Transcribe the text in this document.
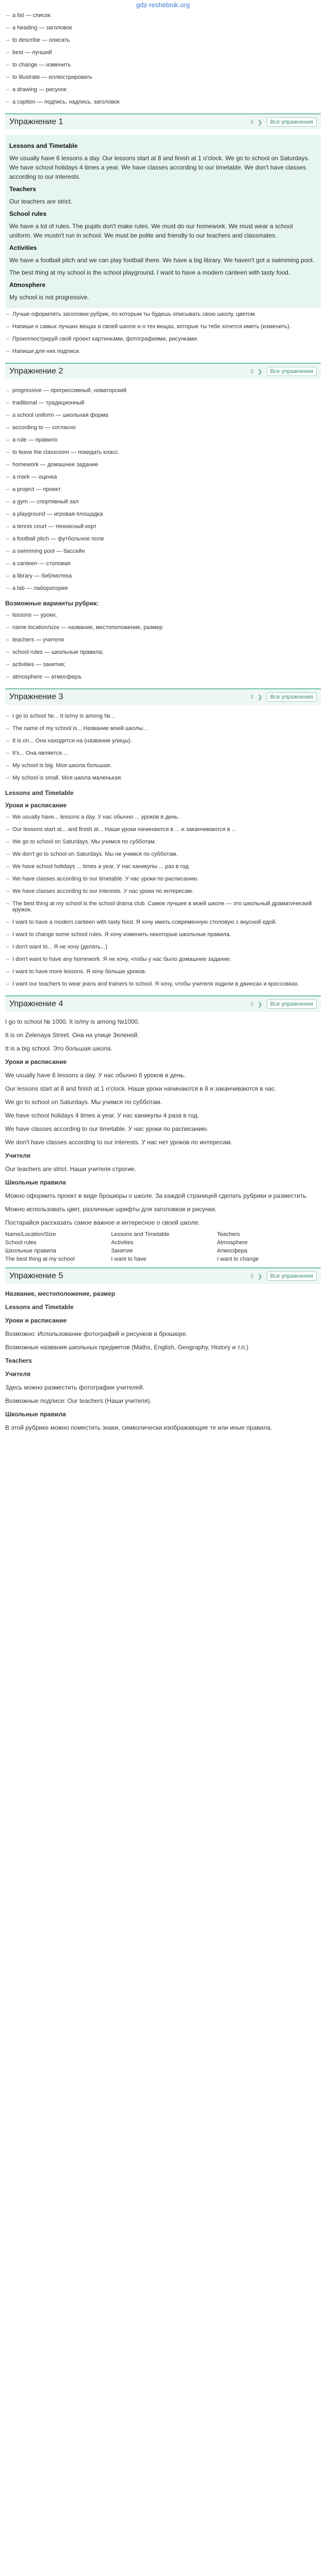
gdz-reshebnik.org
– a list — список
– a heading — заголовок
– to describe — описать
– best — лучший
– to change — изменить
– to illustrate — иллюстрировать
– a drawing — рисунок
– a caption — подпись, надпись, заголовок
Упражнение 1	3 ❯	Все упражнения

Lessons and Timetable

We usually have 6 lessons a day. Our lessons start at 8 and finish at 1 o'clock. We go to school on Saturdays. We have school holidays 4 times a year. We have classes according to our timetable. We don't have classes according to our interests.

Teachers

Our teachers are strict.

School rules

We have a lot of rules. The pupils don't make rules. We must do our homework. We must wear a school uniform. We mustn't run in school. We must be polite and friendly to our teachers and classmates.

Activities

We have a football pitch and we can play football there. We have a big library. We haven't got a swimming pool.

The best thing at my school is the school playground. I want to have a modern canteen with tasty food.

Atmosphere

My school is not progressive.

– Лучше оформлять заголовки рубрик, по которым ты будешь описывать свою школу, цветом.
– Напиши о самых лучших вещах в своей школе и о тех вещах, которые ты тебе хочется иметь (изменить).
– Проиллюстрируй свой проект картинками, фотографиями, рисунками.
– Напиши для них подписи.
Упражнение 2	3 ❯	Все упражнения
– progressive — прогрессивный, новаторский
– traditional — традиционный
– a school uniform — школьная форма
– according to — согласно
– a rule — правило
– to leave the classroom — покидать класс
– homework — домашнее задание
– a mark — оценка
– a project — проект
– a gym — спортивный зал
– a playground — игровая площадка
– a tennis court — теннисный корт
– a football pitch — футбольное поле
– a swimming pool — бассейн
– a canteen — столовая
– a library — библиотека
– a lab — лаборатория
Возможные варианты рубрик:
– lessons — уроки;
– name location/size — название, местоположение, размер
– teachers — учителя
– school rules — школьные правила;
– activities — занятия;
– atmosphere — атмосфера.
Упражнение 3	3 ❯	Все упражнения
– I go to school №... It is/my is among №...
– The name of my school is... Название моей школы...
– It is on... Она находится на (название улицы).
– It's... Она является ...
– My school is big. Моя школа большая.
– My school is small. Моя школа маленькая.
Lessons and Timetable
Уроки и расписание
– We usually have... lessons a day. У нас обычно ... уроков в день.
– Our lessons start at... and finish at... Наши уроки начинаются в ... и заканчиваются в ...
– We go to school on Saturdays. Мы учимся по субботам.
– We don't go to school on Saturdays. Мы не учимся по субботам.
– We have school holidays ... times a year. У нас каникулы ... раз в год.
– We have classes according to our timetable. У нас уроки по расписанию.
– We have classes according to our interests. У нас уроки по интересам.
– The best thing at my school is the school drama club. Самое лучшее в моей школе — это школьный драматический кружок.
– I want to have a modern canteen with tasty food. Я хочу иметь современную столовую с вкусной едой.
– I want to change some school rules. Я хочу изменить некоторые школьные правила.
– I don't want to... Я не хочу (делать...)
– I don't want to have any homework. Я не хочу, чтобы у нас было домашнее задание.
– I want to have more lessons. Я хочу больше уроков.
– I want our teachers to wear jeans and trainers to school. Я хочу, чтобы учителя ходили в джинсах и кроссовках.
Упражнение 4	3 ❯	Все упражнения

I go to school № 1000. It is/my is among №1000.

It is on Zelenaya Street. Она на улице Зеленой.

It is a big school. Это большая школа.

Уроки и расписание

We usually have 6 lessons a day. У нас обычно 6 уроков в день.

Our lessons start at 8 and finish at 1 o'clock. Наши уроки начинаются в 8 и заканчиваются в час.

We go to school on Saturdays. Мы учимся по субботам.

We have school holidays 4 times a year. У нас каникулы 4 раза в год.

We have classes according to our timetable. У нас уроки по расписанию.

We don't have classes according to our interests. У нас нет уроков по интересам.

Учителя

Our teachers are strict. Наши учителя строгие.

Школьные правила

Можно оформить проект в виде брошюры о школе. За каждой страницей сделать рубрики и разместить.

Можно использовать цвет, различные шрифты для заголовков и рисунки.

Постарайся рассказать самое важное и интересное о своей школе.

Name/Location/Size	Lessons and Timetable	Teachers
School rules	Activities	Atmosphere
Школьные правила	Занятия	Атмосфера
The best thing at my school	I want to have	I want to change
Упражнение 5	3 ❯	Все упражнения

Название, местоположение, размер

Lessons and Timetable

Уроки и расписание

Возможно: Использование фотографий и рисунков в брошюре.

Возможные названия школьных предметов (Maths, English, Geography, History и т.п.)

Teachers

Учителя

Здесь можно разместить фотографии учителей.

Возможные подписи: Our teachers (Наши учителя).

Школьные правила

В этой рубрике можно поместить знаки, символически изображающие те или иные правила.
